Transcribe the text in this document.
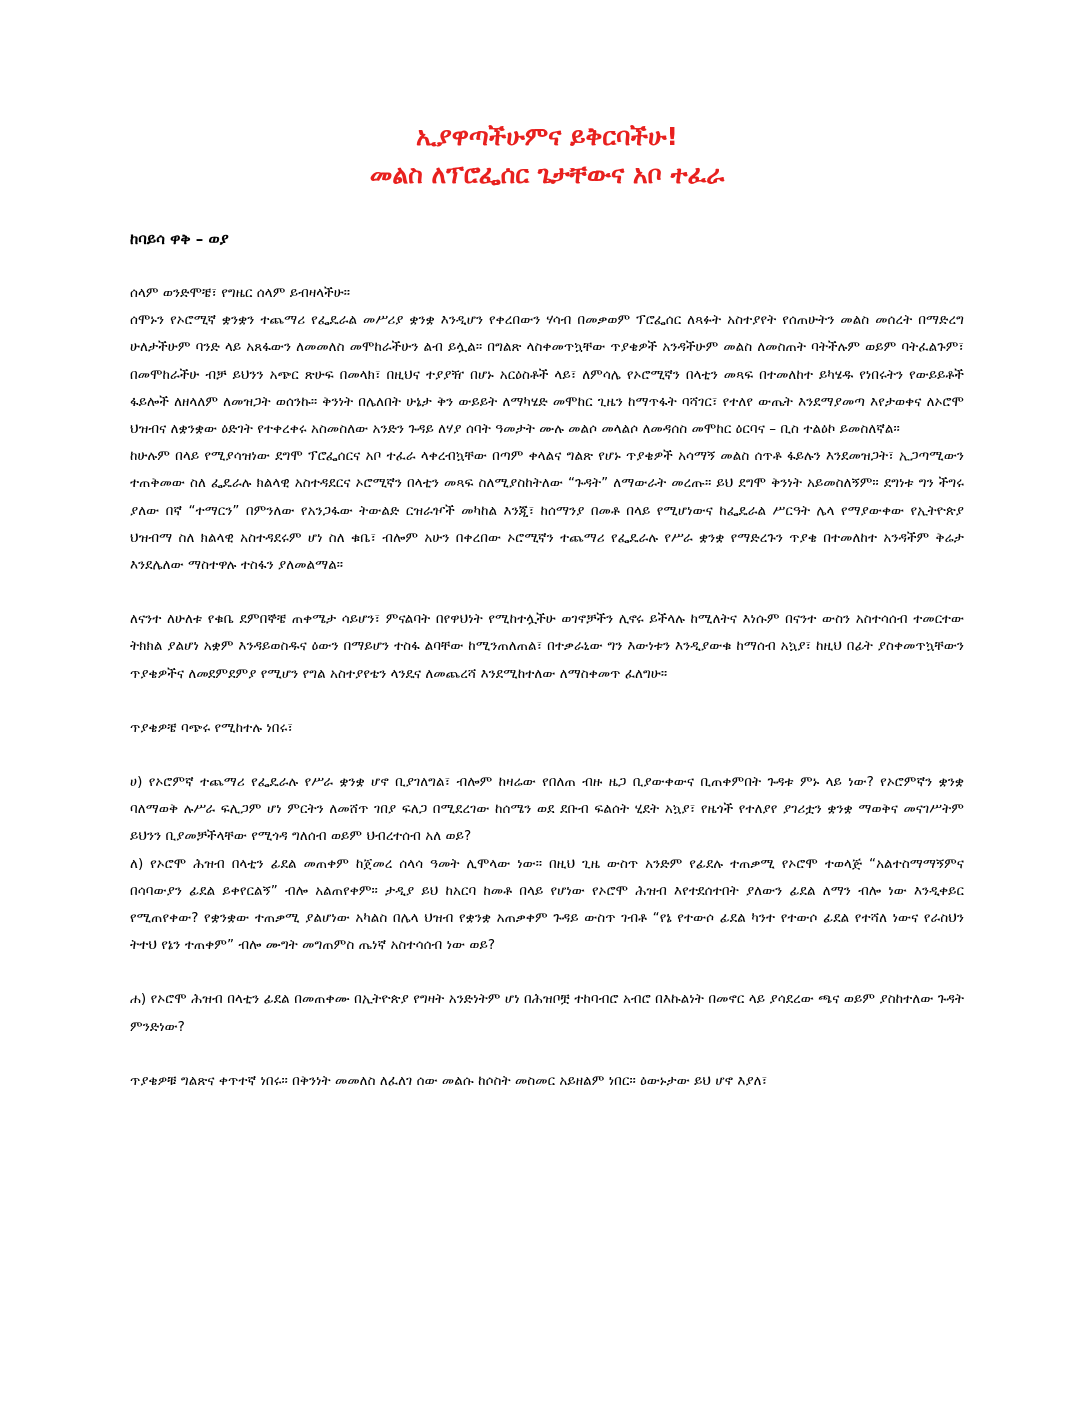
ኢያዋጣችሁምና ይቅርባችሁ!
መልስ ለፕሮፌሰር ጌታቸውና አቦ ተፈራ
ከባይሳ ዋቅ – ወያ

ሰላም ወንድሞቼ፣ የግዜር ሰላም ይብዛላችሁ።

ሰሞኑን የኦሮሚኛ ቋንቋን ተጨማሪ የፌዴራል መሥሪያ ቋንቋ እንዲሆን የቀረበውን ሃሳብ በመቃወም ፕሮፌሰር ለጻፉት አስተያየት የሰጠሁትን መልስ መሰረት በማድረግ ሁለታችሁም ባንድ ላይ አጸፋውን ለመመለስ መሞከራችሁን ልብ ይሏል። በግልጽ ላስቀመጥኳቸው ጥያቄዎች አንዳችሁም መልስ ለመስጠት ባትችሉም ወይም ባትፈልጉም፣ በመሞከራችሁ ብቻ ይህንን አጭር ጽሁፍ በመላክ፣ በዚህና ተያያዥ በሆኑ አርዕስቶች ላይ፣ ለምሳሌ የኦሮሚኛን በላቲን መጻፍ በተመለከተ ይካሄዱ የነበሩትን የውይይቶች ፋይሎች ለዘላለም ለመዝጋት ወሰንኩ። ቅንነት በሌለበት ሁኔታ ቅን ውይይት ለማካሄድ መሞከር ጊዜን ከማጥፋት ባሻገር፣ የተለየ ውጤት እንደማያመጣ እየታወቀና ለኦሮሞ ህዝብና ለቋንቋው ዕድገት የተቀረቀሩ አስመስለው አንድን ጉዳይ ለሃያ ሰባት ዓመታት ሙሉ መልሶ መላልሶ ለመዳሰስ መሞከር ዕርባና – ቢስ ተልዕኮ ይመስለኛል።

ከሁሉም በላይ የሚያሳዝነው ደግሞ ፕሮፌሰርና አቦ ተፈራ ላቀረብኳቸው በጣም ቀላልና ግልጽ የሆኑ ጥያቄዎች አሳማኝ መልስ ሰጥቶ ፋይሉን እንደመዝጋት፣ ኢጋጣሚውን ተጠቅመው ስለ ፌዴራሉ ክልላዊ አስተዳደርና ኦሮሚኛን በላቲን መጻፍ ስለሚያስከትለው “ጉዳት” ለማውራት መረጡ። ይህ ደግሞ ቅንነት አይመስለኝም። ደግነቱ ግን ችግሩ ያለው በኛ “ተማርን” በምንለው የአንጋፋው ትውልድ ርዝራዦች መካከል እንጂ፣ ከሰማንያ በመቶ በላይ የሚሆነውና ከፌዴራል ሥርዓት ሌላ የማያውቀው የኢትዮጵያ ህዝብማ ስለ ክልላዊ አስተዳደሩም ሆነ ስለ ቁቤ፣ ብሎም አሁን በቀረበው ኦሮሚኛን ተጨማሪ የፌዴራሉ የሥራ ቋንቋ የማድረጉን ጥያቄ በተመለከተ አንዳችም ቅሬታ እንደሌለው ማስተዋሉ ተስፋን ያለመልማል።

ለናንተ ለሁለቱ የቁቤ ደምበኞቼ ጠቀሜታ ሳይሆን፣ ምናልባት በየዋህነት የሚከተሏችሁ ወገኖቻችን ሊኖሩ ይችላሉ ከሚለትና እነሱም በናንተ ውስን አስተሳሰብ ተመርተው ትክክል ያልሆነ አቋም እንዳይወስዱና ዕውን በማይሆን ተስፋ ልባቸው ከሚንጠለጠል፣ በተቃራኒው ግን እውነቱን እንዲያውቁ ከማሰብ አኳያ፣ ከዚህ በፊት ያስቀመጥኳቸውን ጥያቄዎችና ለመደምደምያ የሚሆን የግል አስተያየቴን ላንዴና ለመጨረሻ እንደሚከተለው ለማስቀመጥ ፈለግሁ።

ጥያቄዎቼ ባጭሩ የሚከተሉ ነበሩ፣

ሀ) የኦሮምኛ ተጨማሪ የፌዴራሉ የሥራ ቋንቋ ሆኖ ቢያገለግል፣ ብሎም ከዛሬው የበለጠ ብዙ ዜጋ ቢያውቀውና ቢጠቀምበት ጉዳቱ ምኑ ላይ ነው? የኦሮምኛን ቋንቋ ባለማወቅ ሉሥራ ፍሊጋም ሆነ ምርትን ለመሸጥ ገበያ ፍለጋ በሚደረገው ከሰሜን ወደ ደቡብ ፍልሰት ሂደት አኳያ፣ የዜጎች የተለያየ ያገሪቷን ቋንቋ ማወቅና መናገሥትም ይህንን ቢያመቻችላቸው የሚጎዳ ግለሰብ ወይም ህብረተሰብ አለ ወይ?

ለ) የኦሮሞ ሕዝብ በላቲን ፊደል መጠቀም ከጀመረ ሰላሳ ዓመት ሊሞላው ነው። በዚህ ጊዜ ውስጥ አንድም የፊደሉ ተጠቃሚ የኦሮሞ ተወላጅ “አልተስማማኝምና በሳባውያን ፊደል ይቀየርልኝ” ብሎ አልጠየቀም። ታዲያ ይህ ከአርባ ከመቶ በላይ የሆነው የኦሮሞ ሕዝብ እየተደሰተበት ያለውን ፊደል ለማን ብሎ ነው እንዲቀይር የሚጠየቀው? የቋንቋው ተጠቃሚ ያልሆነው አካልስ በሌላ ህዝብ የቋንቋ አጠቃቀም ጉዳይ ውስጥ ገብቶ “የኔ የተውሶ ፊደል ካንተ የተውሶ ፊደል የተሻለ ነውና የራስህን ትተህ የኔን ተጠቀም” ብሎ ሙግት መግጠምስ ጤነኛ አስተሳሰብ ነው ወይ?

ሐ) የኦሮሞ ሕዝብ በላቲን ፊደል በመጠቀሙ በኢትዮጵያ የግዛት አንድነትም ሆነ በሕዝቦቿ ተከባብሮ አብሮ በእኩልነት በመኖር ላይ ያሳደረው ጫና ወይም ያስከተለው ጉዳት ምንድነው?

ጥያቄዎቹ ግልጽና ቀጥተኛ ነበሩ። በቅንነት መመለስ ለፈለገ ሰው መልሱ ከሶስት መስመር አይዘልም ነበር። ዕውኑታው ይህ ሆኖ እያለ፣
